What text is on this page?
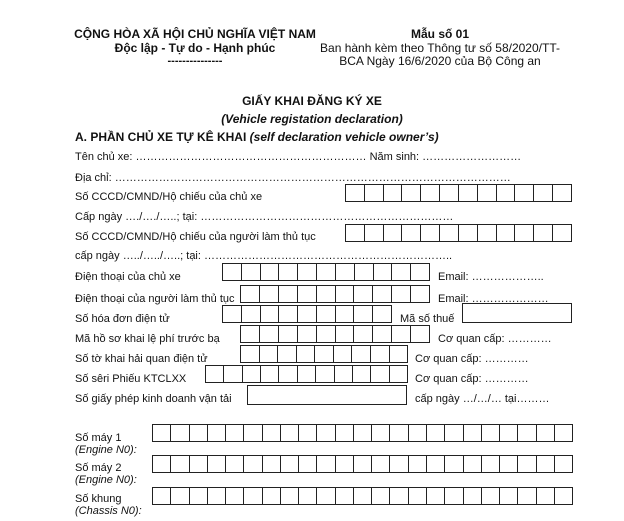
CỘNG HÒA XÃ HỘI CHỦ NGHĨA VIỆT NAM
Độc lập - Tự do - Hạnh phúc
---------------
Mẫu số 01
Ban hành kèm theo Thông tư số 58/2020/TT-
BCA Ngày 16/6/2020 của Bộ Công an
GIẤY KHAI ĐĂNG KÝ XE
(Vehicle registation declaration)
A. PHẦN CHỦ XE TỰ KÊ KHAI (self declaration vehicle owner’s)
Tên chủ xe: ……………………………………………………… Năm sinh: ………………………
Địa chỉ: ………………………………………………………………………………………………
Số CCCD/CMND/Hộ chiếu của chủ xe
Cấp ngày …./…./…..; tại: ……………………………………………………………
Số CCCD/CMND/Hộ chiếu của người làm thủ tục
cấp ngày …../…../…..; tại: …………………………………………………………..
Điện thoại của chủ xe	Email: ………………..
Điện thoại của người làm thủ tục	Email: …………………
Số hóa đơn điện tử	Mã số thuế
Mã hồ sơ khai lệ phí trước bạ	Cơ quan cấp: …………
Số tờ khai hải quan điện tử	Cơ quan cấp: …………
Số sêri Phiếu KTCLXX	Cơ quan cấp: …………
Số giấy phép kinh doanh vận tải	cấp ngày …/…/… tại………
Số máy 1
(Engine N0):
Số máy 2
(Engine N0):
Số khung
(Chassis N0):
